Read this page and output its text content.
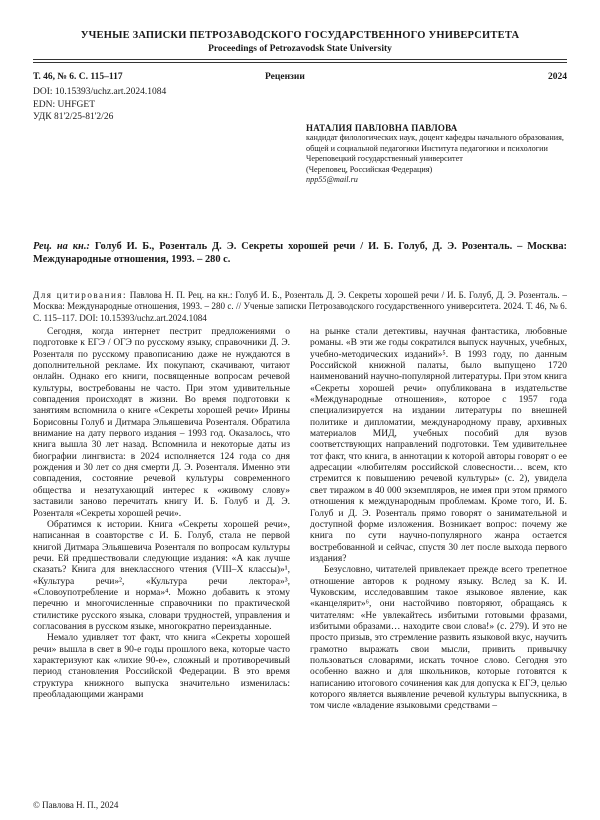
УЧЕНЫЕ ЗАПИСКИ ПЕТРОЗАВОДСКОГО ГОСУДАРСТВЕННОГО УНИВЕРСИТЕТА
Proceedings of Petrozavodsk State University
Т. 46, № 6. С. 115–117	Рецензии	2024
DOI: 10.15393/uchz.art.2024.1084
EDN: UHFGET
УДК 81'2/25-81'2/26
НАТАЛИЯ ПАВЛОВНА ПАВЛОВА
кандидат филологических наук, доцент кафедры начального образования, общей и социальной педагогики Института педагогики и психологии
Череповецкий государственный университет
(Череповец, Российская Федерация)
npp55@mail.ru
Рец. на кн.: Голуб И. Б., Розенталь Д. Э. Секреты хорошей речи / И. Б. Голуб, Д. Э. Розенталь. – Москва: Международные отношения, 1993. – 280 с.
Для цитирования: Павлова Н. П. Рец. на кн.: Голуб И. Б., Розенталь Д. Э. Секреты хорошей речи / И. Б. Голуб, Д. Э. Розенталь. – Москва: Международные отношения, 1993. – 280 с. // Ученые записки Петрозаводского государственного университета. 2024. Т. 46, № 6. С. 115–117. DOI: 10.15393/uchz.art.2024.1084

Сегодня, когда интернет пестрит предложениями о подготовке к ЕГЭ / ОГЭ по русскому языку, справочники Д. Э. Розенталя по русскому правописанию даже не нуждаются в дополнительной рекламе. Их покупают, скачивают, читают онлайн. Однако его книги, посвященные вопросам речевой культуры, востребованы не часто. При этом удивительные совпадения происходят в жизни. Во время подготовки к занятиям вспомнила о книге «Секреты хорошей речи» Ирины Борисовны Голуб и Дитмара Эльяшевича Розенталя. Обратила внимание на дату первого издания – 1993 год. Оказалось, что книга вышла 30 лет назад. Вспомнила и некоторые даты из биографии лингвиста: в 2024 исполняется 124 года со дня рождения и 30 лет со дня смерти Д. Э. Розенталя. Именно эти совпадения, состояние речевой культуры современного общества и незатухающий интерес к «живому слову» заставили заново перечитать книгу И. Б. Голуб и Д. Э. Розенталя «Секреты хорошей речи».

Обратимся к истории. Книга «Секреты хорошей речи», написанная в соавторстве с И. Б. Голуб, стала не первой книгой Дитмара Эльяшевича Розенталя по вопросам культуры речи. Ей предшествовали следующие издания: «А как лучше сказать? Книга для внеклассного чтения (VIII–X классы)»¹, «Культура речи»², «Культура речи лектора»³, «Словоупотребление и норма»⁴. Можно добавить к этому перечню и многочисленные справочники по практической стилистике русского языка, словари трудностей, управления и согласования в русском языке, многократно переизданные.

Немало удивляет тот факт, что книга «Секреты хорошей речи» вышла в свет в 90-е годы прошлого века, которые часто характеризуют как «лихие 90-е», сложный и противоречивый период становления Российской Федерации. В это время структура книжного выпуска значительно изменилась: преобладающими жанрами

на рынке стали детективы, научная фантастика, любовные романы. «В эти же годы сократился выпуск научных, учебных, учебно-методических изданий»⁵. В 1993 году, по данным Российской книжной палаты, было выпущено 1720 наименований научно-популярной литературы. При этом книга «Секреты хорошей речи» опубликована в издательстве «Международные отношения», которое с 1957 года специализируется на издании литературы по внешней политике и дипломатии, международному праву, архивных материалов МИД, учебных пособий для вузов соответствующих направлений подготовки. Тем удивительнее тот факт, что книга, в аннотации к которой авторы говорят о ее адресации «любителям российской словесности… всем, кто стремится к повышению речевой культуры» (с. 2), увидела свет тиражом в 40 000 экземпляров, не имея при этом прямого отношения к международным проблемам. Кроме того, И. Б. Голуб и Д. Э. Розенталь прямо говорят о занимательной и доступной форме изложения. Возникает вопрос: почему же книга по сути научно-популярного жанра остается востребованной и сейчас, спустя 30 лет после выхода первого издания?

Безусловно, читателей привлекает прежде всего трепетное отношение авторов к родному языку. Вслед за К. И. Чуковским, исследовавшим такое языковое явление, как «канцелярит»⁶, они настойчиво повторяют, обращаясь к читателям: «Не увлекайтесь избитыми готовыми фразами, избитыми образами… находите свои слова!» (с. 279). И это не просто призыв, это стремление развить языковой вкус, научить грамотно выражать свои мысли, привить привычку пользоваться словарями, искать точное слово. Сегодня это особенно важно и для школьников, которые готовятся к написанию итогового сочинения как для допуска к ЕГЭ, целью которого является выявление речевой культуры выпускника, в том числе «владение языковыми средствами –

© Павлова Н. П., 2024
